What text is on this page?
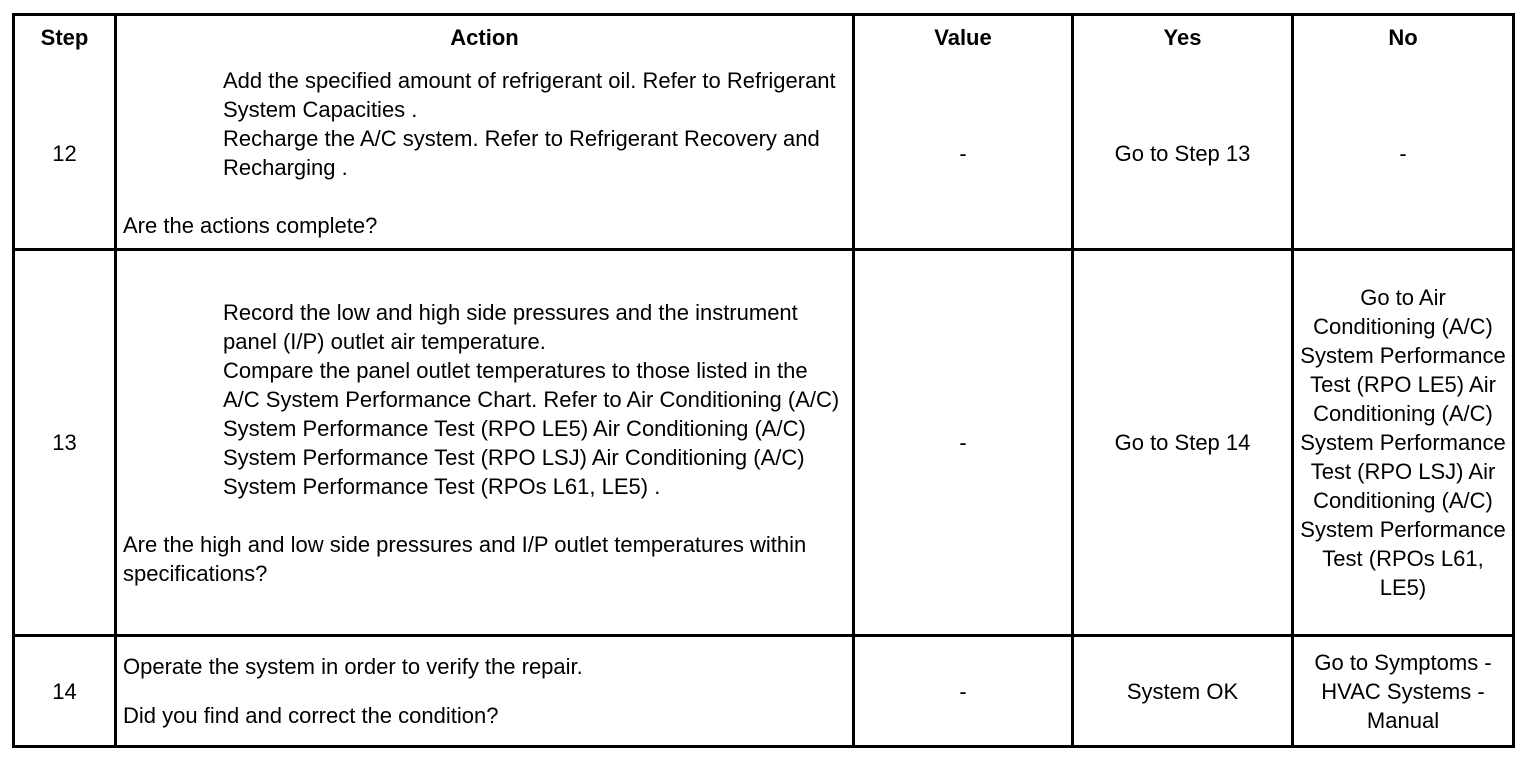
Step	Action	Value	Yes	No
12	Add the specified amount of refrigerant oil. Refer to Refrigerant System Capacities .
Recharge the A/C system. Refer to Refrigerant Recovery and Recharging .
Are the actions complete?	-	Go to Step 13	-
13	Record the low and high side pressures and the instrument panel (I/P) outlet air temperature.
Compare the panel outlet temperatures to those listed in the A/C System Performance Chart. Refer to Air Conditioning (A/C) System Performance Test (RPO LE5) Air Conditioning (A/C) System Performance Test (RPO LSJ) Air Conditioning (A/C) System Performance Test (RPOs L61, LE5) .
Are the high and low side pressures and I/P outlet temperatures within specifications?	-	Go to Step 14	Go to Air Conditioning (A/C) System Performance Test (RPO LE5) Air Conditioning (A/C) System Performance Test (RPO LSJ) Air Conditioning (A/C) System Performance Test (RPOs L61, LE5)
14	Operate the system in order to verify the repair.
Did you find and correct the condition?	-	System OK	Go to Symptoms - HVAC Systems - Manual
